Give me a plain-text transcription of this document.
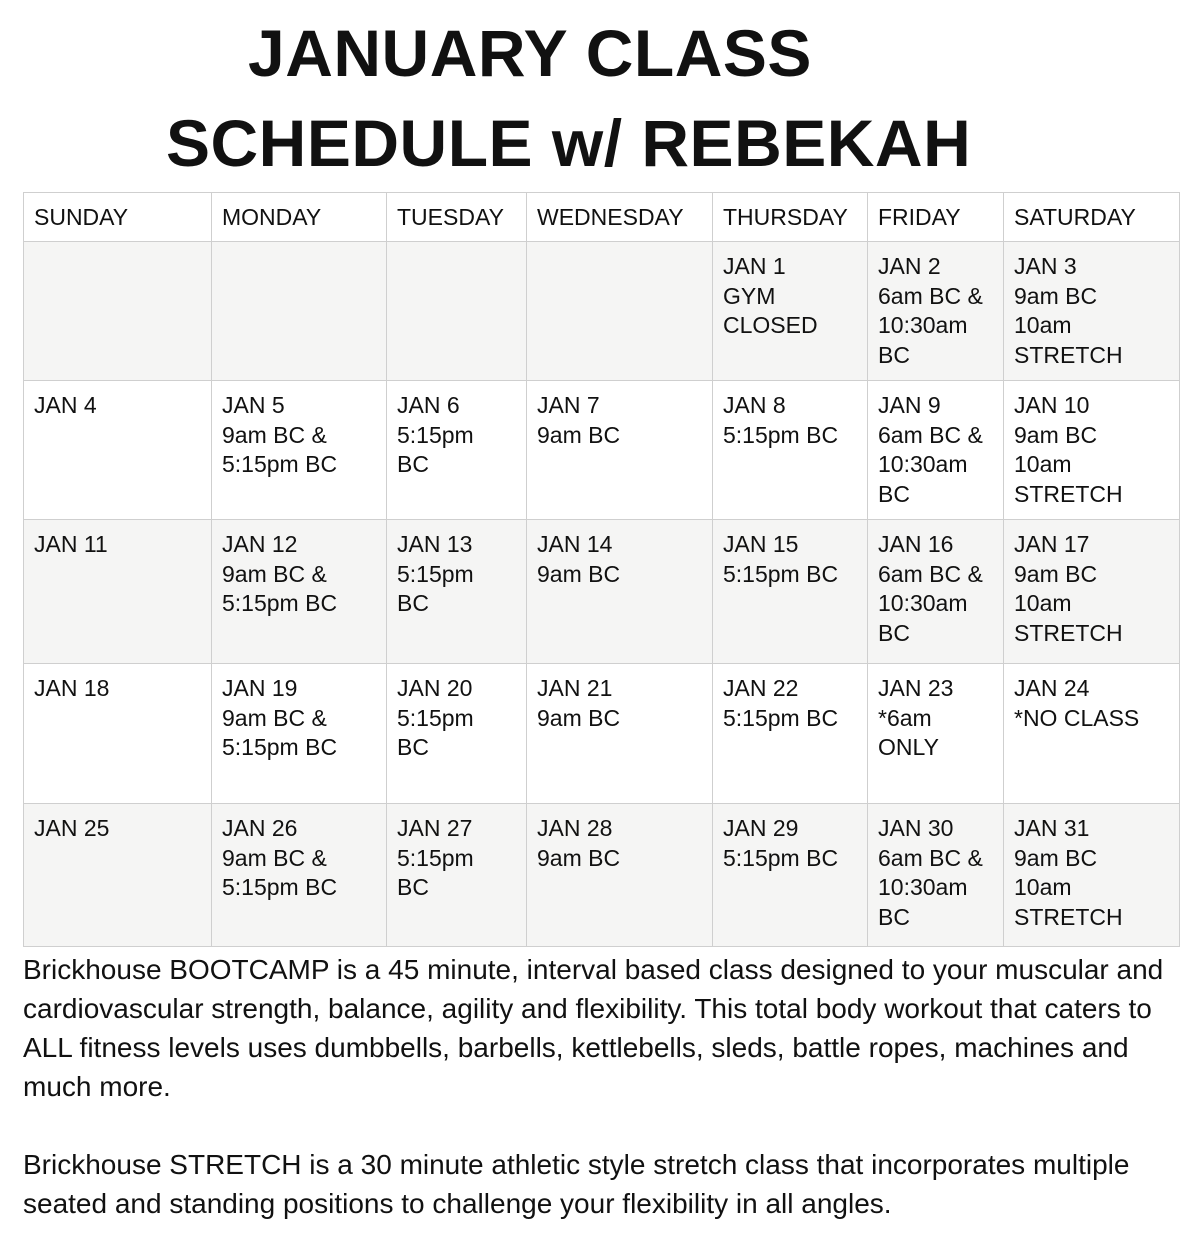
JANUARY CLASS
SCHEDULE w/ REBEKAH
SUNDAY	MONDAY	TUESDAY	WEDNESDAY	THURSDAY	FRIDAY	SATURDAY
				JAN 1
GYM
CLOSED	JAN 2
6am BC &
10:30am
BC	JAN 3
9am BC
10am
STRETCH
JAN 4	JAN 5
9am BC &
5:15pm BC	JAN 6
5:15pm
BC	JAN 7
9am BC	JAN 8
5:15pm BC	JAN 9
6am BC &
10:30am
BC	JAN 10
9am BC
10am
STRETCH
JAN 11	JAN 12
9am BC &
5:15pm BC	JAN 13
5:15pm
BC	JAN 14
9am BC	JAN 15
5:15pm BC	JAN 16
6am BC &
10:30am
BC	JAN 17
9am BC
10am
STRETCH
JAN 18	JAN 19
9am BC &
5:15pm BC	JAN 20
5:15pm
BC	JAN 21
9am BC	JAN 22
5:15pm BC	JAN 23
*6am
ONLY	JAN 24
*NO CLASS
JAN 25	JAN 26
9am BC &
5:15pm BC	JAN 27
5:15pm
BC	JAN 28
9am BC	JAN 29
5:15pm BC	JAN 30
6am BC &
10:30am
BC	JAN 31
9am BC
10am
STRETCH

Brickhouse BOOTCAMP is a 45 minute, interval based class designed to your muscular and cardiovascular strength, balance, agility and flexibility. This total body workout that caters to ALL fitness levels uses dumbbells, barbells, kettlebells, sleds, battle ropes, machines and much more.

Brickhouse STRETCH is a 30 minute athletic style stretch class that incorporates multiple seated and standing positions to challenge your flexibility in all angles.
